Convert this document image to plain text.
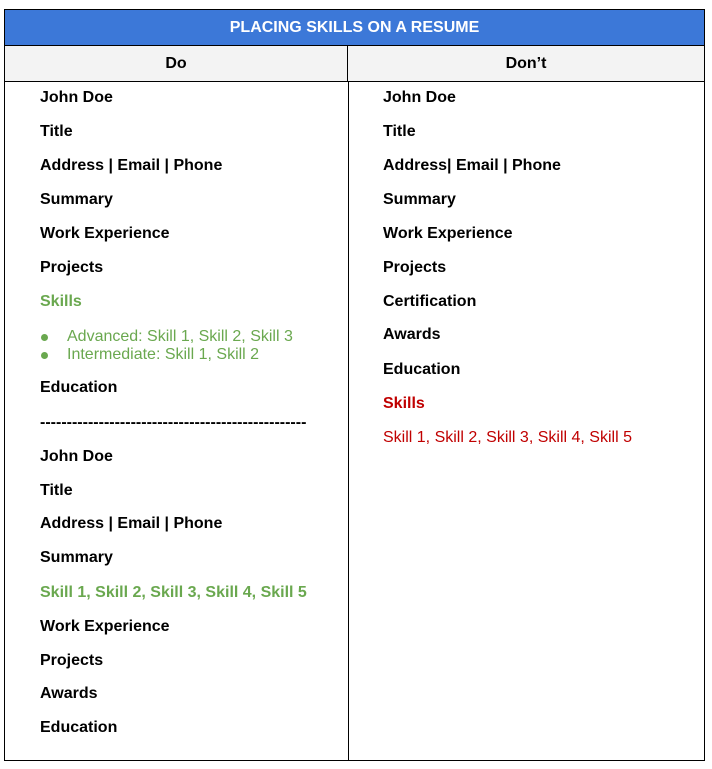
PLACING SKILLS ON A RESUME
Do	Don’t
John Doe
Title
Address | Email | Phone
Summary
Work Experience
Projects
Skills
Advanced: Skill 1, Skill 2, Skill 3
Intermediate: Skill 1, Skill 2
Education
--------------------------------------------------
John Doe
Title
Address | Email | Phone
Summary
Skill 1, Skill 2, Skill 3, Skill 4, Skill 5
Work Experience
Projects
Awards
Education
John Doe
Title
Address| Email | Phone
Summary
Work Experience
Projects
Certification
Awards
Education
Skills
Skill 1, Skill 2, Skill 3, Skill 4, Skill 5
